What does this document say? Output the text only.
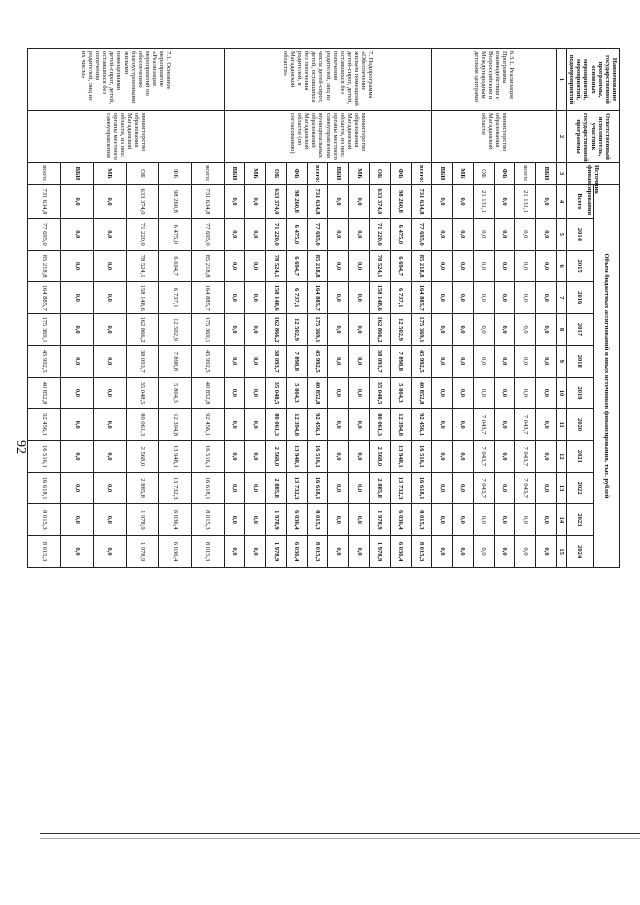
92
Наименование государственной программы, основных мероприятий, мероприятий, подмероприятий	Ответственный исполнитель, участник государственной программы	Источник финансирования	Объем бюджетных ассигнований и иных источников финансирования, тыс. рублей											
			Всего	2014	2015	2016	2017	2018	2019	2020	2021	2022	2023	2024
1	2	3	4	5	6	7	8	9	10	11	12	13	14	15
6.3.1. Реализация Программы взаимодействия с Всероссийским и Международным детским центрами	министерство образования Магаданской области	ВБИ	0,0	0,0	0,0	0,0	0,0	0,0	0,0	0,0	0,0	0,0	0,0	0,0
		всего:	21 131,1	0,0	0,0	0,0	0,0	0,0	0,0	7 043,7	7 043,7	7 043,7	0,0	0,0
		ФБ	0,0	0,0	0,0	0,0	0,0	0,0	0,0	0,0	0,0	0,0	0,0	0,0
		ОБ	21 131,1	0,0	0,0	0,0	0,0	0,0	0,0	7 043,7	7 043,7	7 043,7	0,0	0,0
		МБ	0,0	0,0	0,0	0,0	0,0	0,0	0,0	0,0	0,0	0,0	0,0	0,0
		ВБИ	0,0	0,0	0,0	0,0	0,0	0,0	0,0	0,0	0,0	0,0	0,0	0,0
7. Подпрограмма «Обеспечение жильем помещений детей-сирот, детей, оставшихся без попечения родителей, лиц из числа детей-сирот, детей, оставшихся без попечения родителей, в Магаданской области»	министерство образования Магаданской области, из них: органы местного самоуправления муниципальных образований Магаданской области (по согласованию)	всего:	731 634,8	77 695,0	85 218,8	164 885,7	175 369,1	45 992,5	40 852,8	92 456,1	16 516,1	16 618,1	8 015,3	8 015,3
		ФБ	98 260,8	6 475,0	6 694,7	6 737,1	12 502,9	7 898,8	5 804,3	12 394,8	13 948,1	13 732,3	6 036,4	6 036,4
		ОБ	633 374,0	71 220,0	78 524,1	158 148,6	162 866,2	38 093,7	35 048,5	80 061,3	2 568,0	2 885,8	1 978,9	1 978,9
		МБ	0,0	0,0	0,0	0,0	0,0	0,0	0,0	0,0	0,0	0,0	0,0	0,0
		ВБИ	0,0	0,0	0,0	0,0	0,0	0,0	0,0	0,0	0,0	0,0	0,0	0,0
		всего:	731 634,8	77 695,0	85 218,8	164 885,7	175 369,1	45 992,5	40 852,8	92 456,1	16 516,1	16 618,1	8 015,3	8 015,3
		ФБ	98 260,8	6 475,0	6 694,7	6 737,1	12 502,9	7 898,8	5 804,3	12 394,8	13 948,1	13 732,3	6 036,4	6 036,4
		ОБ	633 374,0	71 220,0	78 524,1	158 148,6	162 866,2	38 093,7	35 048,5	80 061,3	2 568,0	2 885,8	1 978,9	1 978,9
		МБ	0,0	0,0	0,0	0,0	0,0	0,0	0,0	0,0	0,0	0,0	0,0	0,0
		ВБИ	0,0	0,0	0,0	0,0	0,0	0,0	0,0	0,0	0,0	0,0	0,0	0,0
7.1. Основное мероприятие «Реализация мероприятий по обеспечению благоустроенными жилыми помещениями детей-сирот, детей, оставшихся без попечения родителей, лиц из их числа»	министерство образования Магаданской области, из них: органы местного самоуправления	всего:	731 634,8	77 695,0	85 218,8	164 885,7	175 369,1	45 992,5	40 852,8	92 456,1	16 516,1	16 618,1	8 015,3	8 015,3
		ФБ	98 260,8	6 475,0	6 694,7	6 737,1	12 502,9	7 898,8	5 804,3	12 394,8	13 948,1	13 732,3	6 036,4	6 036,4
		ОБ	633 374,0	71 220,0	78 524,1	158 148,6	162 866,2	38 093,7	35 048,5	80 061,3	2 568,0	2 885,8	1 978,9	1 978,9
		МБ	0,0	0,0	0,0	0,0	0,0	0,0	0,0	0,0	0,0	0,0	0,0	0,0
		ВБИ	0,0	0,0	0,0	0,0	0,0	0,0	0,0	0,0	0,0	0,0	0,0	0,0
		всего:	731 634,8	77 695,0	85 218,8	164 885,7	175 369,1	45 992,5	40 852,8	92 456,1	16 516,1	16 618,1	8 015,3	8 015,3
